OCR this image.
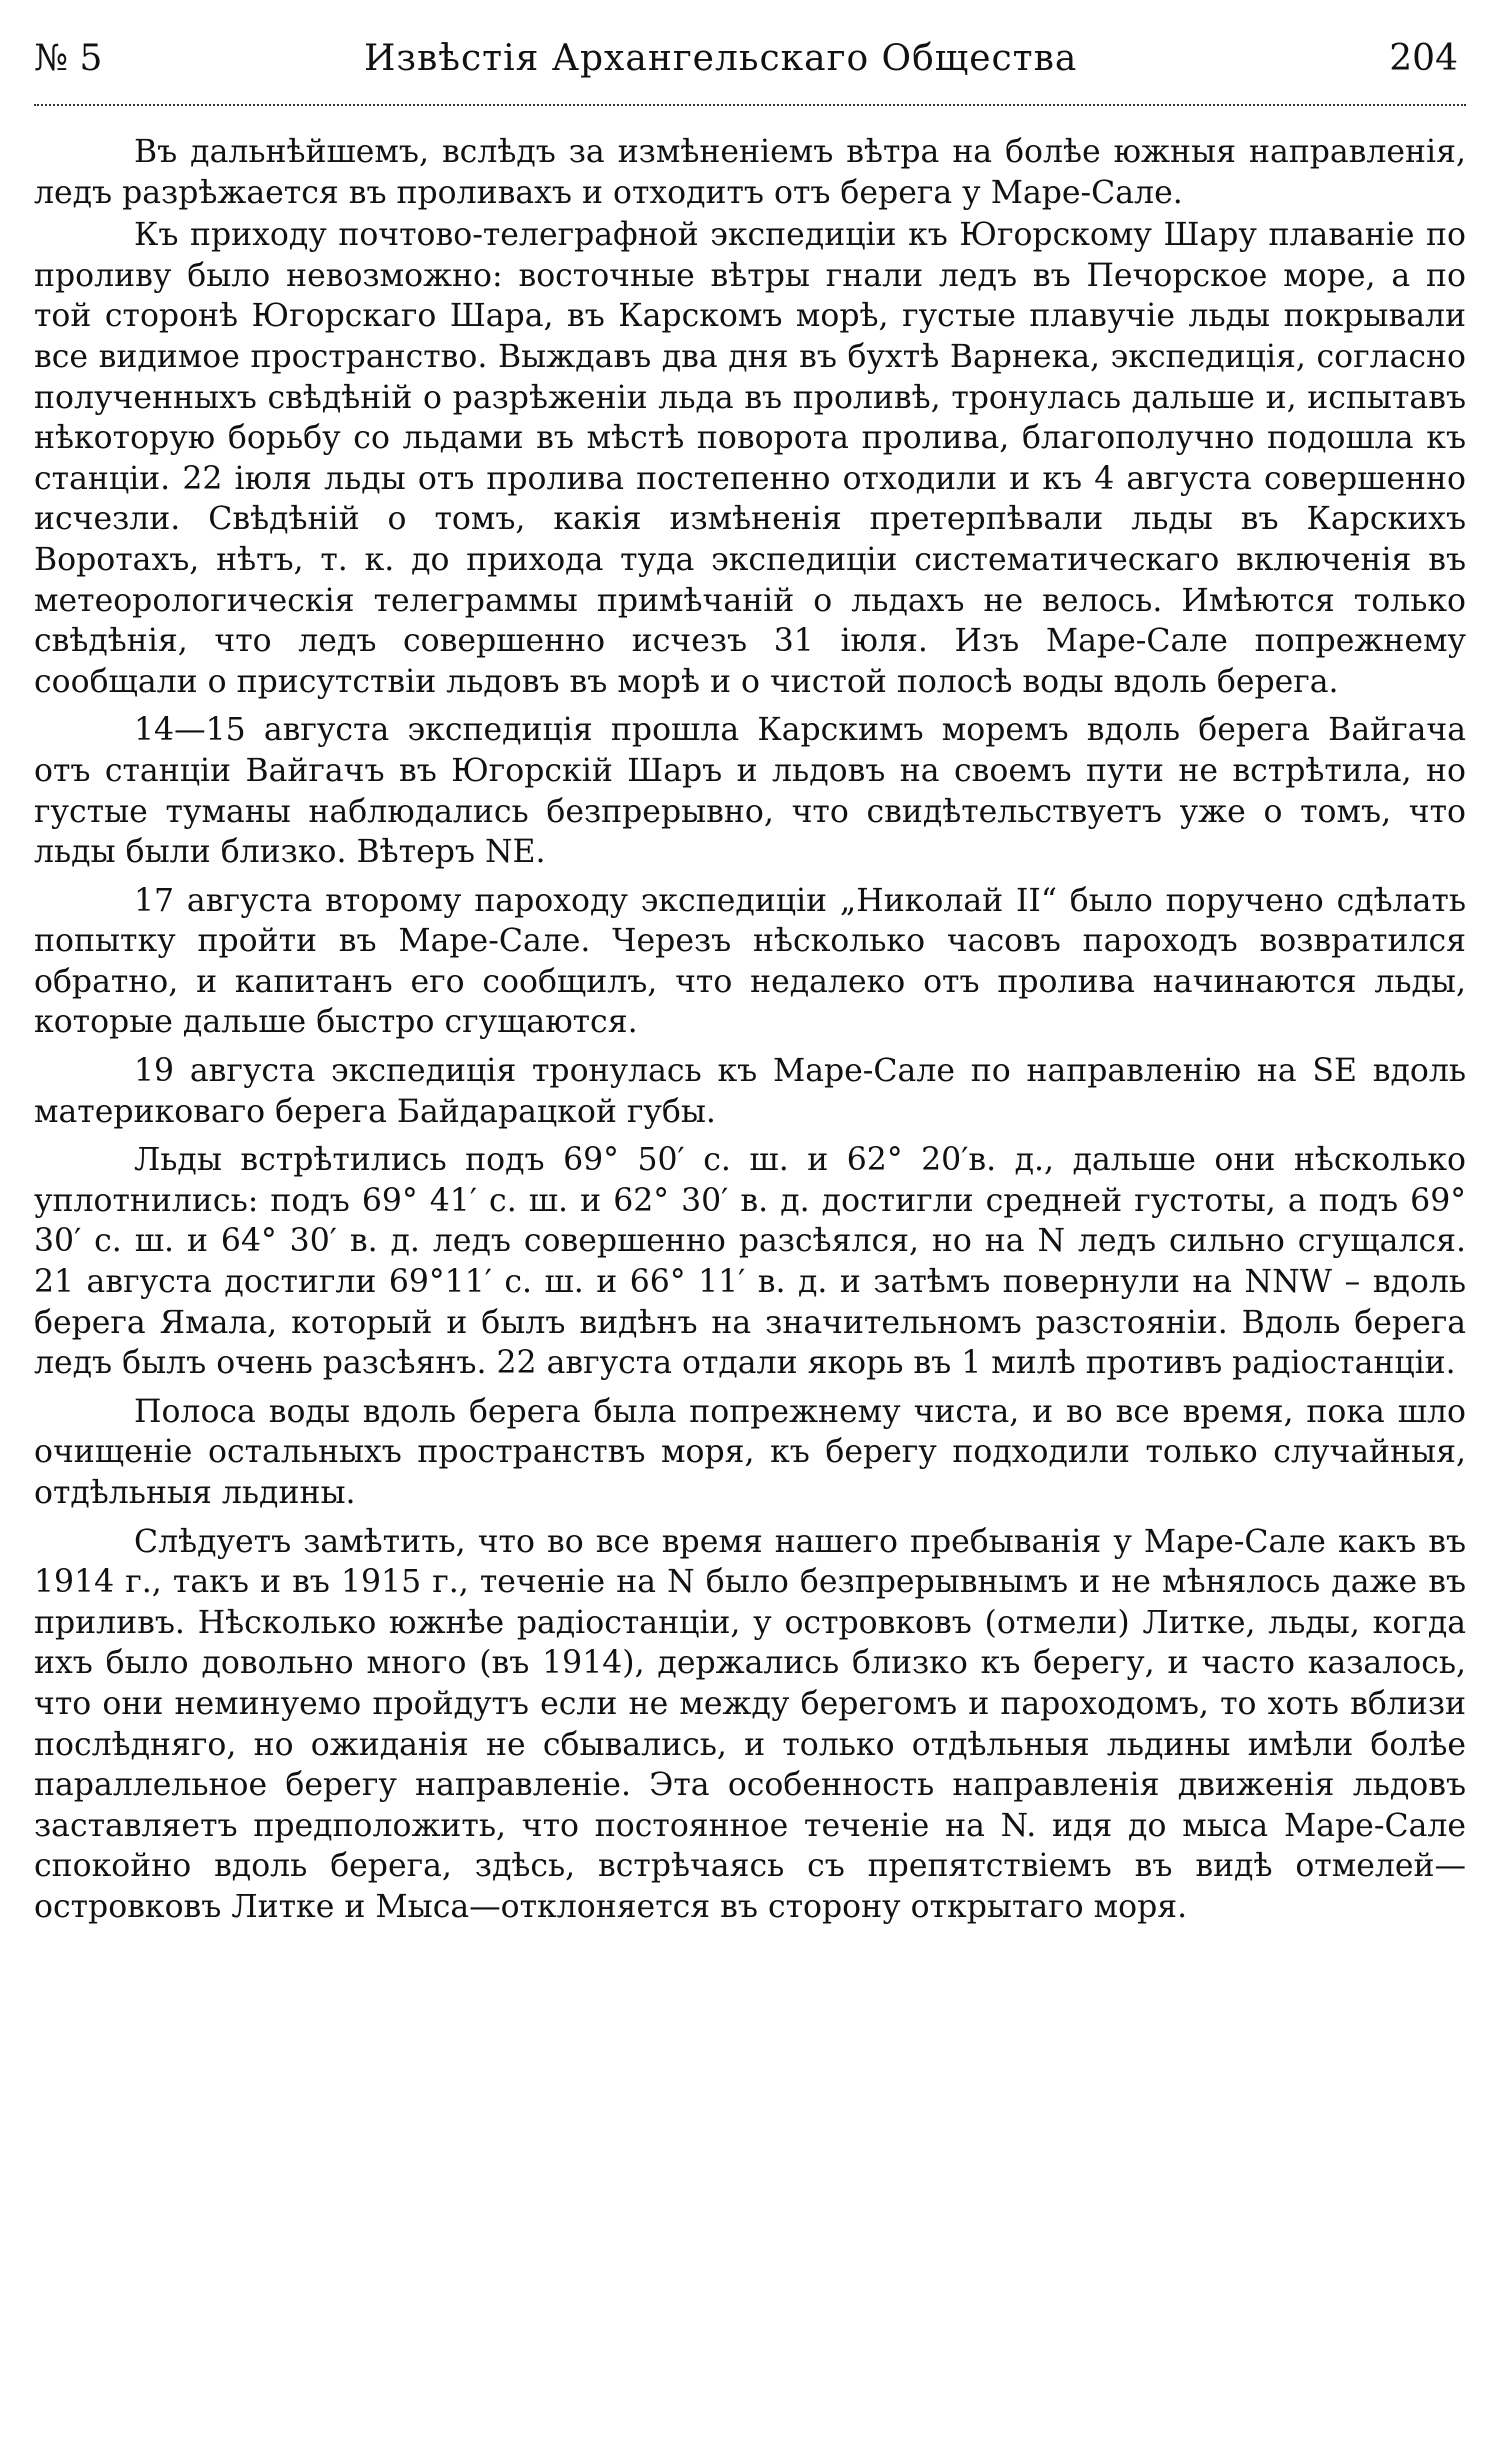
№ 5	Извѣстія Архангельскаго Общества	204

Въ дальнѣйшемъ, вслѣдъ за измѣненіемъ вѣтра на болѣе южныя направленія, ледъ разрѣжается въ проливахъ и отходитъ отъ берега у Маре-Сале.

Къ приходу почтово-телеграфной экспедиціи къ Югорскому Шару плаваніе по проливу было невозможно: восточные вѣтры гнали ледъ въ Печорское море, а по той сторонѣ Югорскаго Шара, въ Карскомъ морѣ, густые плавучіе льды покрывали все видимое пространство. Выждавъ два дня въ бухтѣ Варнека, экспедиція, согласно полученныхъ свѣдѣній о разрѣженіи льда въ проливѣ, тронулась дальше и, испытавъ нѣкоторую борьбу со льдами въ мѣстѣ поворота пролива, благополучно подошла къ станціи. 22 іюля льды отъ пролива постепенно отходили и къ 4 августа совершенно исчезли. Свѣдѣній о томъ, какія измѣненія претерпѣвали льды въ Карскихъ Воротахъ, нѣтъ, т. к. до прихода туда экспедиціи систематическаго включенія въ метеорологическія телеграммы примѣчаній о льдахъ не велось. Имѣются только свѣдѣнія, что ледъ совершенно исчезъ 31 іюля. Изъ Маре-Сале попрежнему сообщали о присутствіи льдовъ въ морѣ и о чистой полосѣ воды вдоль берега.

14—15 августа экспедиція прошла Карскимъ моремъ вдоль берега Вайгача отъ станціи Вайгачъ въ Югорскій Шаръ и льдовъ на своемъ пути не встрѣтила, но густые туманы наблюдались безпрерывно, что свидѣтельствуетъ уже о томъ, что льды были близко. Вѣтеръ NE.

17 августа второму пароходу экспедиціи „Николай II“ было поручено сдѣлать попытку пройти въ Маре-Сале. Черезъ нѣсколько часовъ пароходъ возвратился обратно, и капитанъ его сообщилъ, что недалеко отъ пролива начинаются льды, которые дальше быстро сгущаются.

19 августа экспедиція тронулась къ Маре-Сале по направленію на SE вдоль материковаго берега Байдарацкой губы.

Льды встрѣтились подъ 69° 50′ с. ш. и 62° 20′в. д., дальше они нѣсколько уплотнились: подъ 69° 41′ с. ш. и 62° 30′ в. д. достигли средней густоты, а подъ 69° 30′ с. ш. и 64° 30′ в. д. ледъ совершенно разсѣялся, но на N ледъ сильно сгущался. 21 августа достигли 69°11′ с. ш. и 66° 11′ в. д. и затѣмъ повернули на NNW – вдоль берега Ямала, который и былъ видѣнъ на значительномъ разстояніи. Вдоль берега ледъ былъ очень разсѣянъ. 22 августа отдали якорь въ 1 милѣ противъ радіостанціи.

Полоса воды вдоль берега была попрежнему чиста, и во все время, пока шло очищеніе остальныхъ пространствъ моря, къ берегу подходили только случайныя, отдѣльныя льдины.

Слѣдуетъ замѣтить, что во все время нашего пребыванія у Маре-Сале какъ въ 1914 г., такъ и въ 1915 г., теченіе на N было безпрерывнымъ и не мѣнялось даже въ приливъ. Нѣсколько южнѣе радіостанціи, у островковъ (отмели) Литке, льды, когда ихъ было довольно много (въ 1914), держались близко къ берегу, и часто казалось, что они неминуемо пройдутъ если не между берегомъ и пароходомъ, то хоть вблизи послѣдняго, но ожиданія не сбывались, и только отдѣльныя льдины имѣли болѣе параллельное берегу направленіе. Эта особенность направленія движенія льдовъ заставляетъ предположить, что постоянное теченіе на N. идя до мыса Маре-Сале спокойно вдоль берега, здѣсь, встрѣчаясь съ препятствіемъ въ видѣ отмелей—островковъ Литке и Мыса—отклоняется въ сторону открытаго моря.
